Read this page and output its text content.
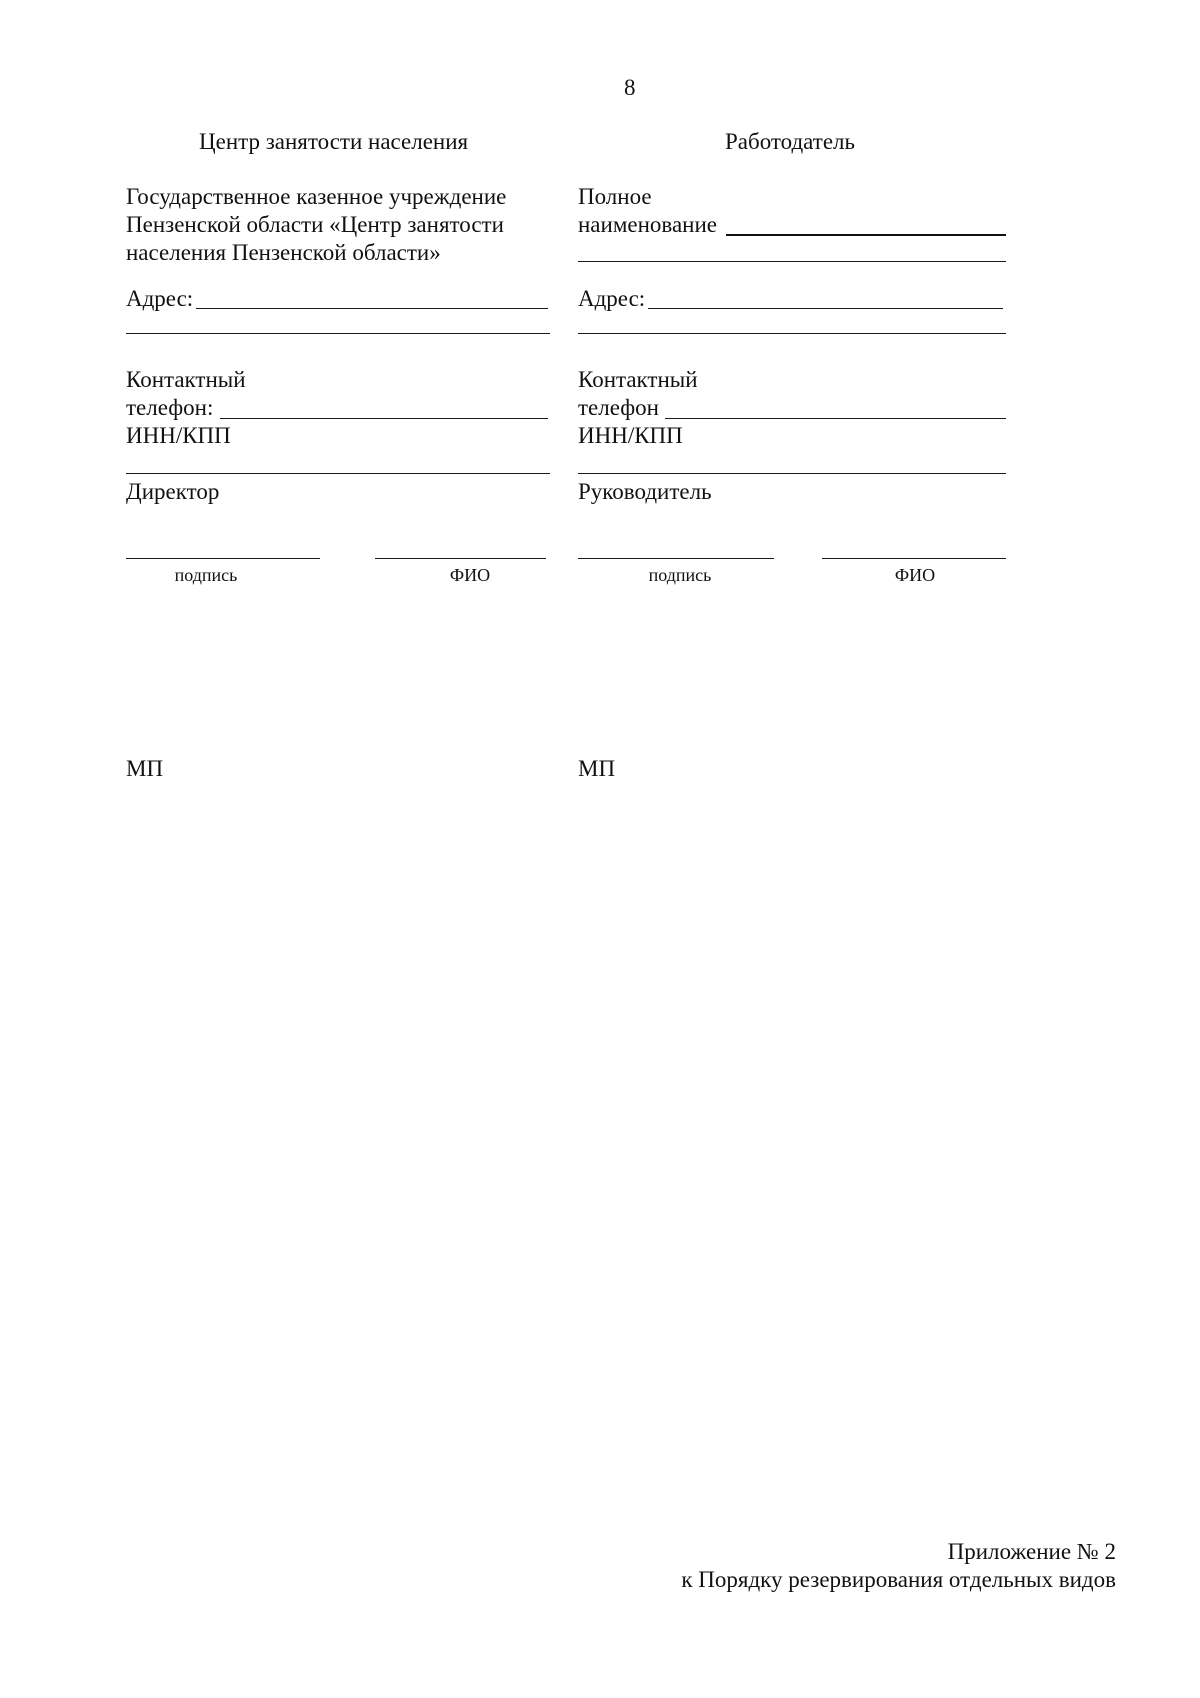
8
Центр занятости населения
Государственное казенное учреждение
Пензенской области «Центр занятости
населения Пензенской области»
Адрес:
Контактный
телефон:
ИНН/КПП
Директор
подпись	ФИО
МП
Работодатель
Полное
наименование
Адрес:
Контактный
телефон
ИНН/КПП
Руководитель
подпись	ФИО
МП
Приложение № 2
к Порядку резервирования отдельных видов
